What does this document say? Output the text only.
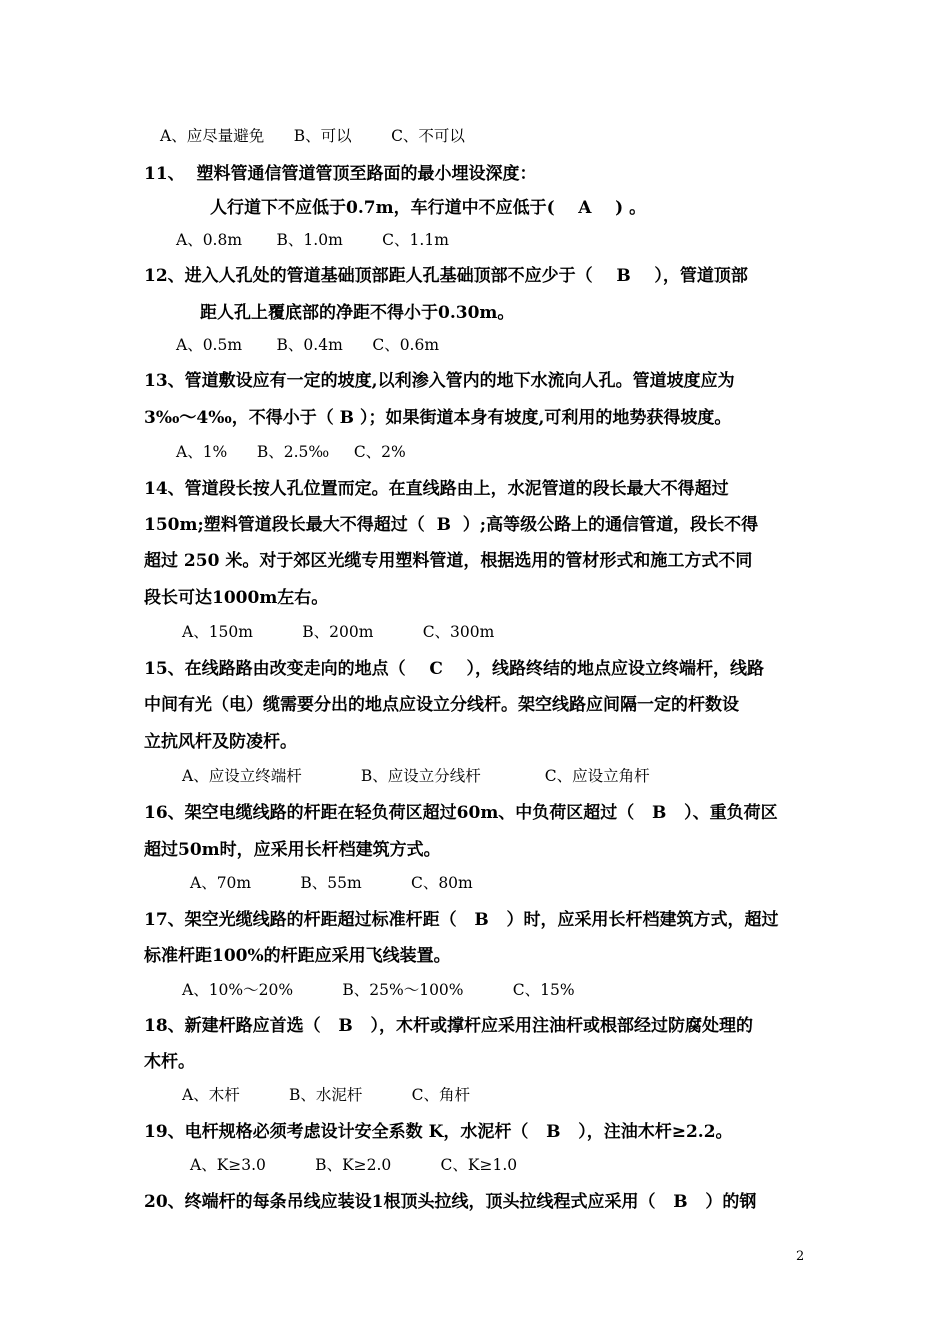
A、应尽量避免      B、可以        C、不可以
11、  塑料管通信管道管顶至路面的最小埋设深度：
人行道下不应低于0.7m，车行道中不应低于(    A    ) 。
A、0.8m       B、1.0m        C、1.1m
12、进入人孔处的管道基础顶部距人孔基础顶部不应少于（    B    ），管道顶部
距人孔上覆底部的净距不得小于0.30m。
A、0.5m       B、0.4m      C、0.6m
13、管道敷设应有一定的坡度,以利渗入管内的地下水流向人孔。管道坡度应为
3‰～4‰，不得小于（ B ）；如果街道本身有坡度,可利用的地势获得坡度。
A、1%      B、2.5‰     C、2%
14、管道段长按人孔位置而定。在直线路由上，水泥管道的段长最大不得超过
150m;塑料管道段长最大不得超过（  B  ）;高等级公路上的通信管道，段长不得
超过 250 米。对于郊区光缆专用塑料管道，根据选用的管材形式和施工方式不同
段长可达1000m左右。
A、150m          B、200m          C、300m
15、在线路路由改变走向的地点（    C    ），线路终结的地点应设立终端杆，线路
中间有光（电）缆需要分出的地点应设立分线杆。架空线路应间隔一定的杆数设
立抗风杆及防凌杆。
A、应设立终端杆            B、应设立分线杆             C、应设立角杆
16、架空电缆线路的杆距在轻负荷区超过60m、中负荷区超过（   B   ）、重负荷区
超过50m时，应采用长杆档建筑方式。
A、70m          B、55m          C、80m
17、架空光缆线路的杆距超过标准杆距（   B   ）时，应采用长杆档建筑方式，超过
标准杆距100%的杆距应采用飞线装置。
A、10%～20%          B、25%～100%          C、15%
18、新建杆路应首选（   B   ），木杆或撑杆应采用注油杆或根部经过防腐处理的
木杆。
A、木杆          B、水泥杆          C、角杆
19、电杆规格必须考虑设计安全系数 K，水泥杆（   B   ），注油木杆≥2.2。
A、K≥3.0          B、K≥2.0          C、K≥1.0
20、终端杆的每条吊线应装设1根顶头拉线，顶头拉线程式应采用（   B   ）的钢
2
